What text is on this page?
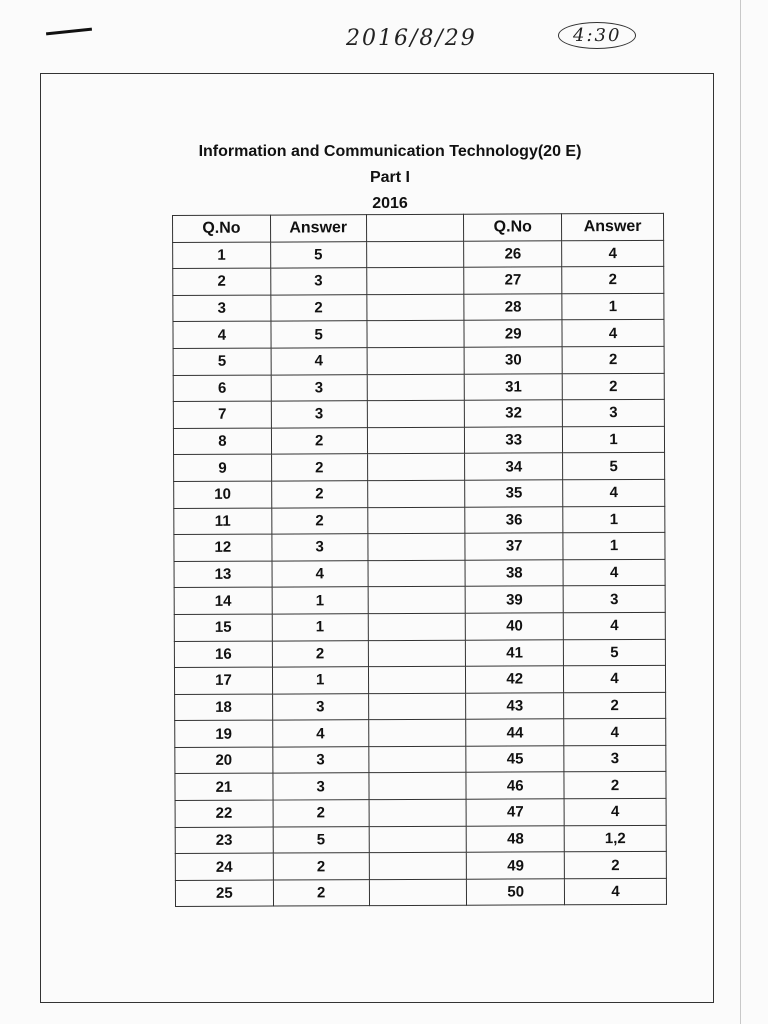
2016/8/29	4:30
Information and Communication Technology(20 E)
Part I
2016
Q.No	Answer		Q.No	Answer
1	5		26	4
2	3		27	2
3	2		28	1
4	5		29	4
5	4		30	2
6	3		31	2
7	3		32	3
8	2		33	1
9	2		34	5
10	2		35	4
11	2		36	1
12	3		37	1
13	4		38	4
14	1		39	3
15	1		40	4
16	2		41	5
17	1		42	4
18	3		43	2
19	4		44	4
20	3		45	3
21	3		46	2
22	2		47	4
23	5		48	1,2
24	2		49	2
25	2		50	4
